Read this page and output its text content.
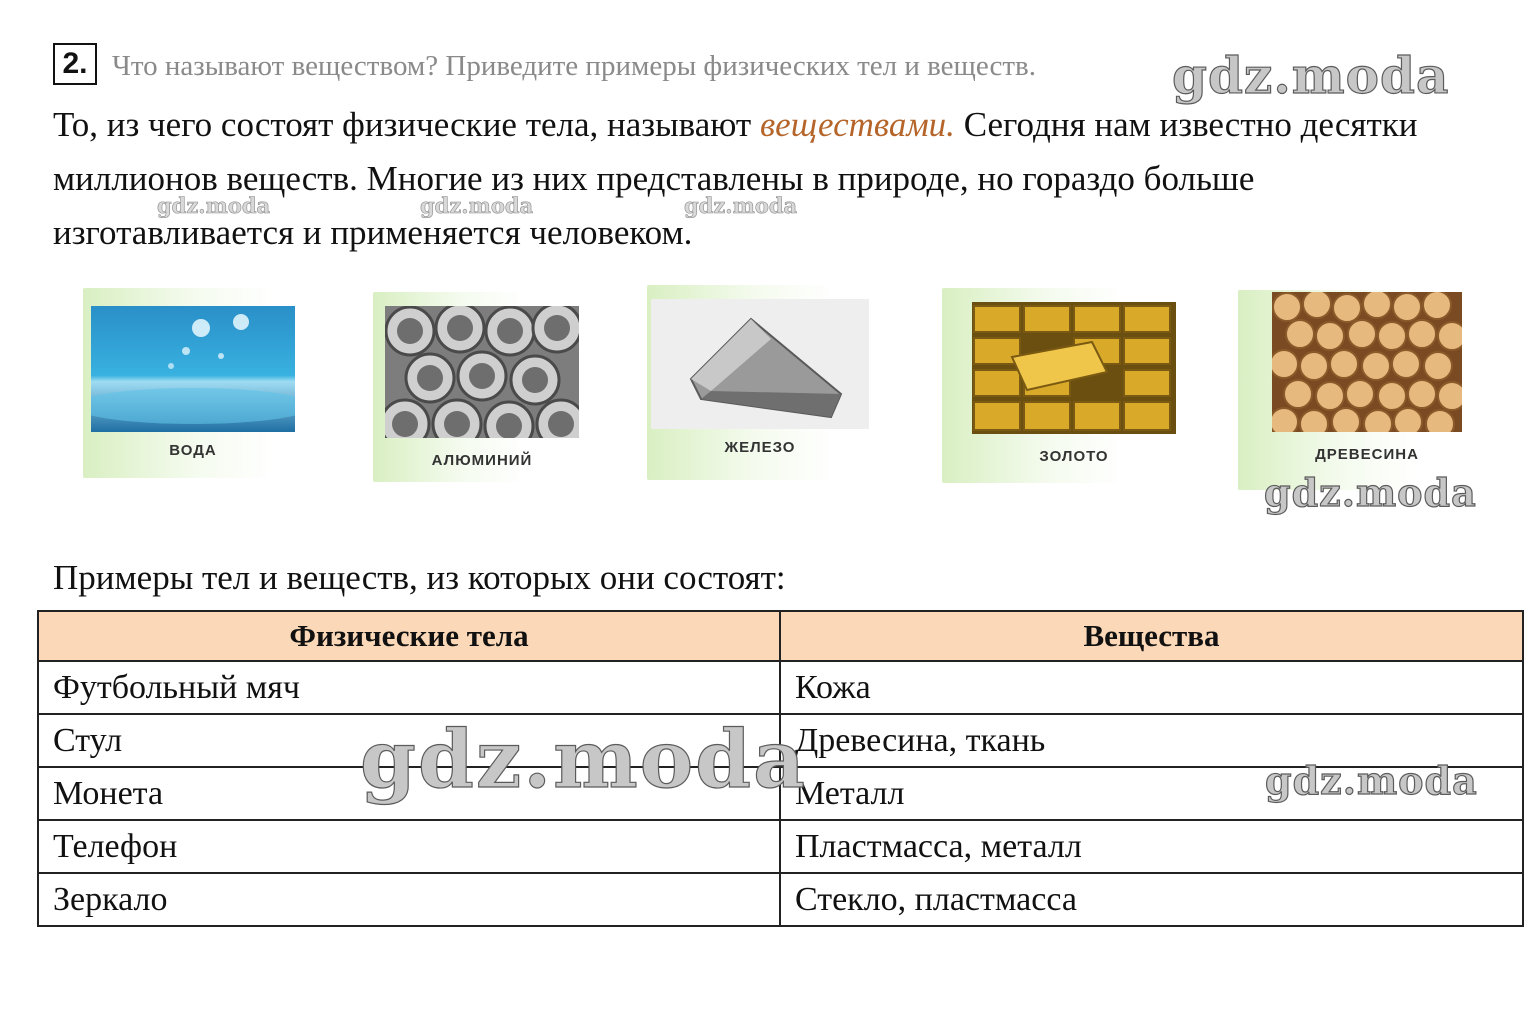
2. Что называют веществом? Приведите примеры физических тел и веществ.
То, из чего состоят физические тела, называют веществами. Сегодня нам известно десятки миллионов веществ. Многие из них представлены в природе, но гораздо больше изготавливается и применяется человеком.
gdz.moda
gdz.moda	gdz.moda	gdz.moda
ВОДА
АЛЮМИНИЙ
ЖЕЛЕЗО
ЗОЛОТО	ДРЕВЕСИНА
gdz.moda
Примеры тел и веществ, из которых они состоят:
Физические тела	Вещества
Футбольный мяч	Кожа
Стул	Древесина, ткань
Монета	Металл
Телефон	Пластмасса, металл
Зеркало	Стекло, пластмасса
gdz.moda	gdz.moda
